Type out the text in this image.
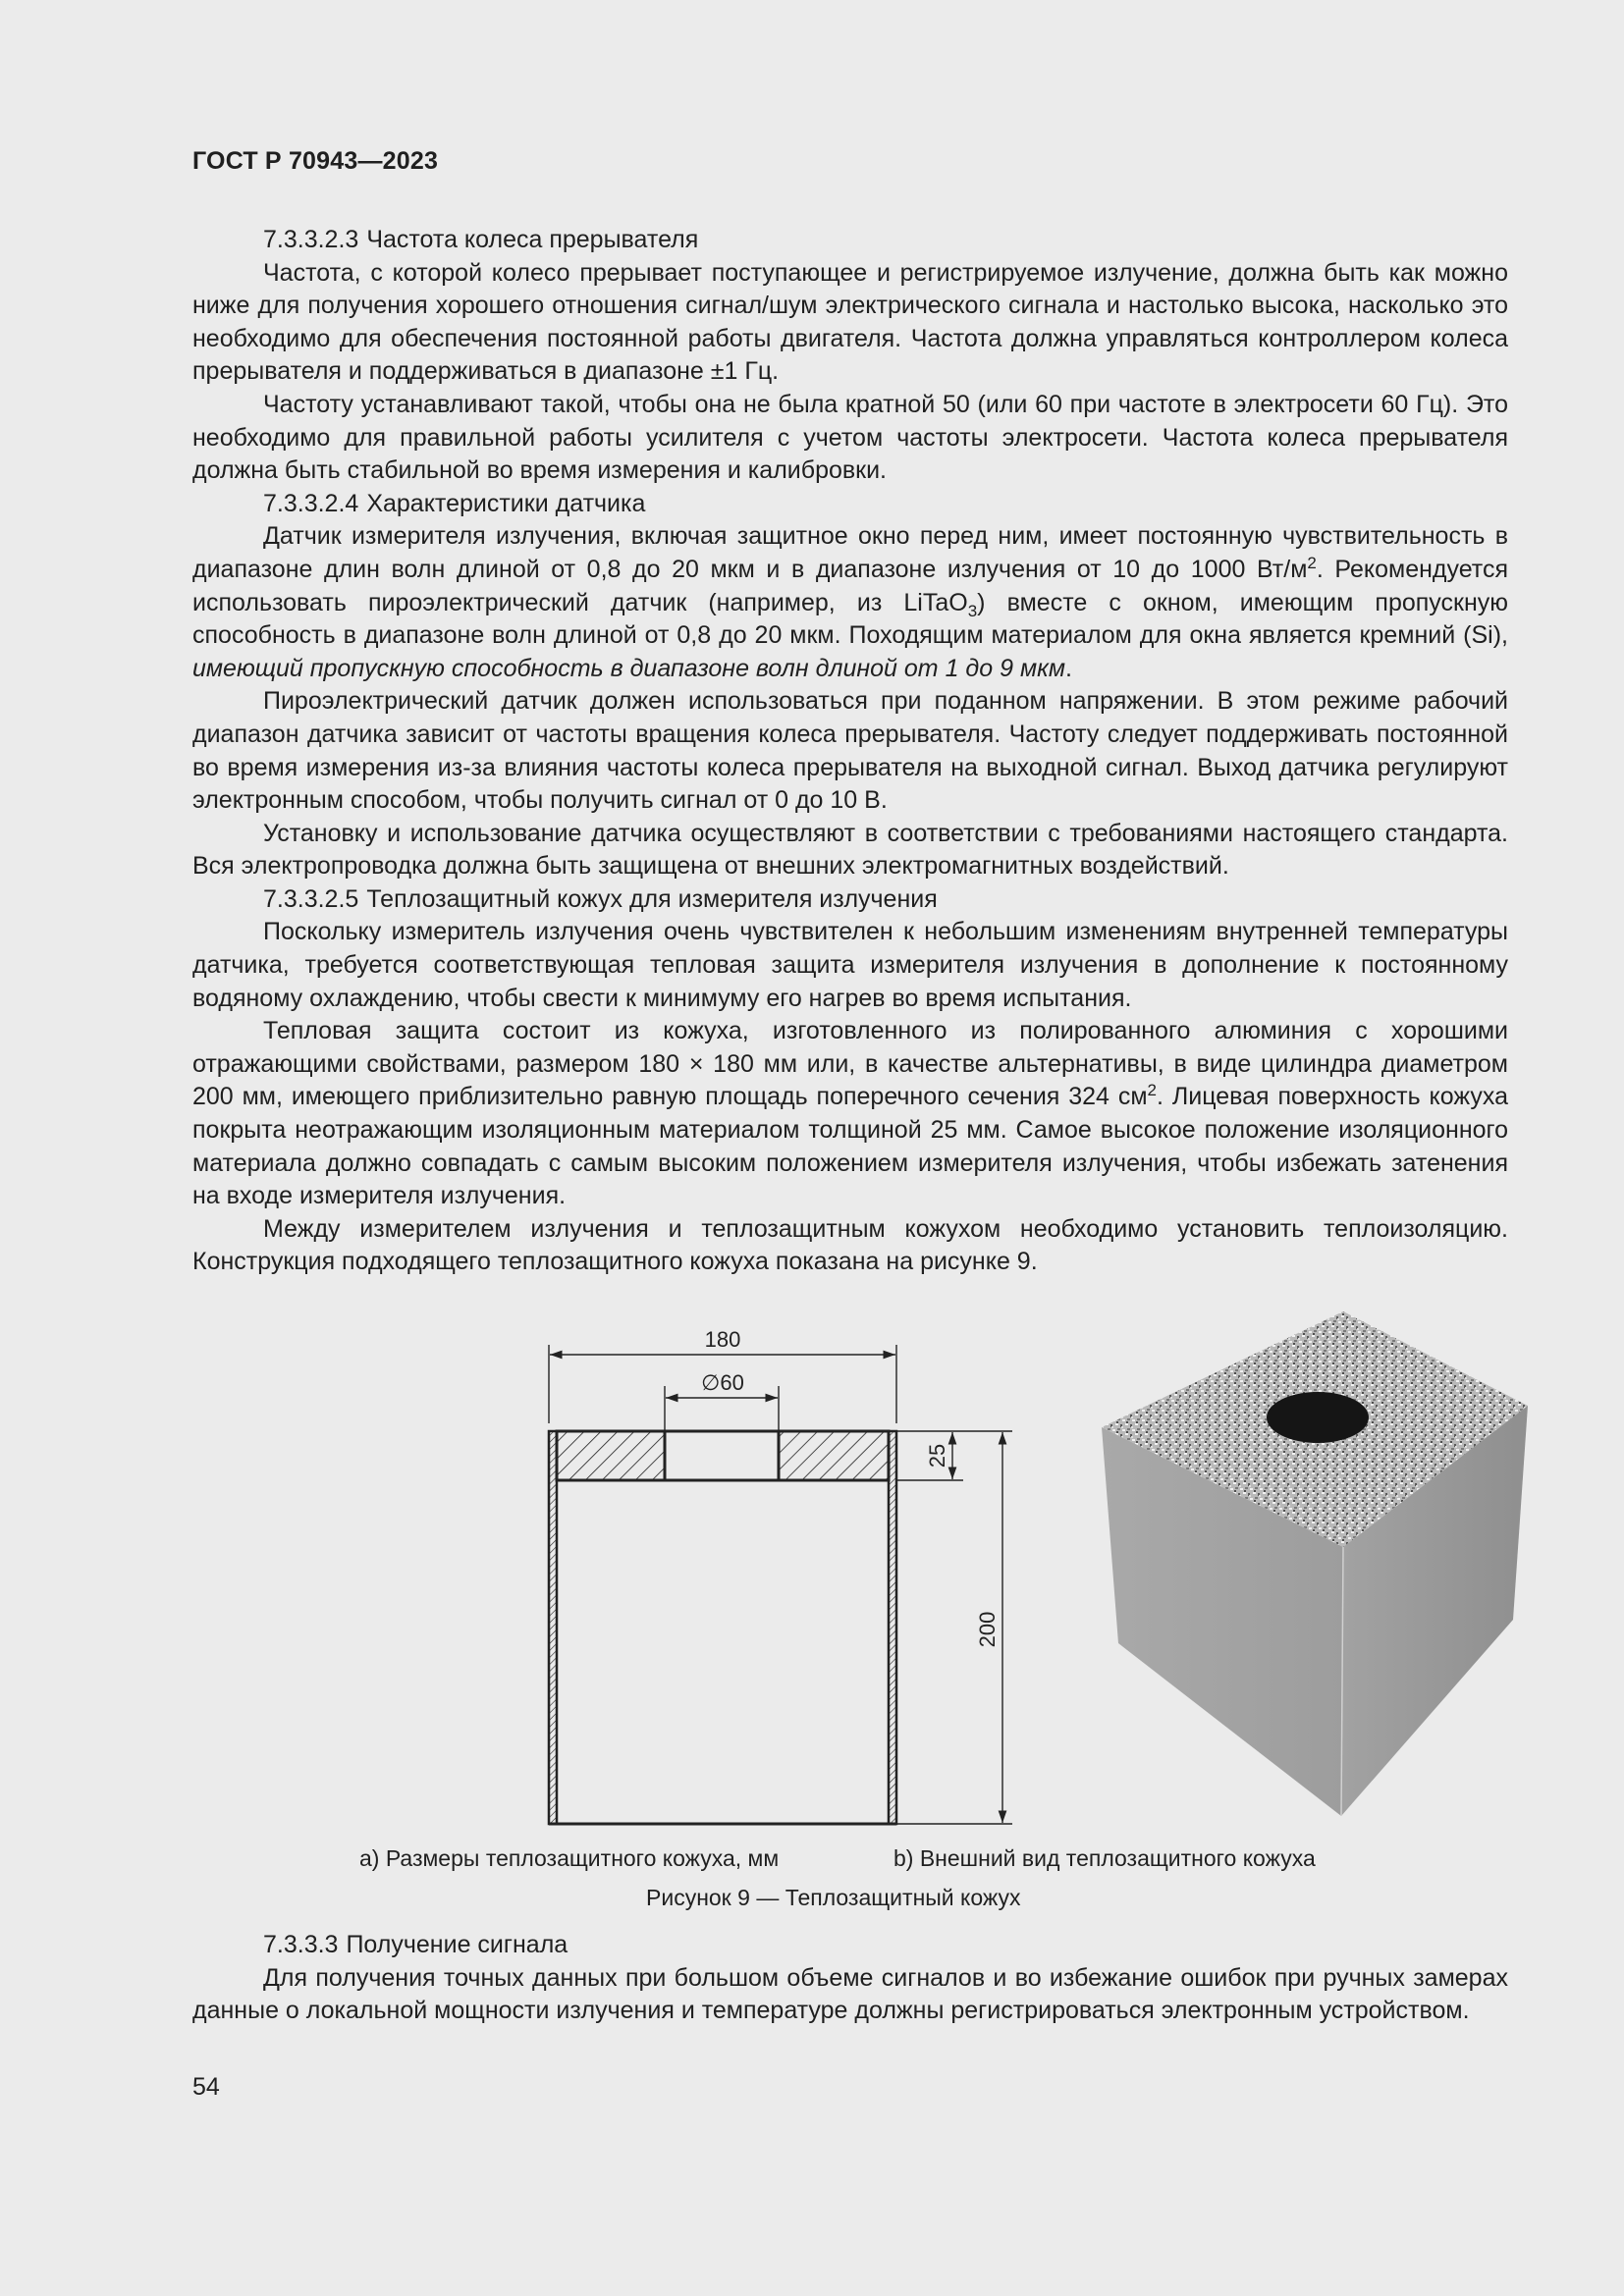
ГОСТ Р 70943—2023

7.3.3.2.3 Частота колеса прерывателя

Частота, с которой колесо прерывает поступающее и регистрируемое излучение, должна быть как можно ниже для получения хорошего отношения сигнал/шум электрического сигнала и настолько высока, насколько это необходимо для обеспечения постоянной работы двигателя. Частота должна управляться контроллером колеса прерывателя и поддерживаться в диапазоне ±1 Гц.

Частоту устанавливают такой, чтобы она не была кратной 50 (или 60 при частоте в электросети 60 Гц). Это необходимо для правильной работы усилителя с учетом частоты электросети. Частота колеса прерывателя должна быть стабильной во время измерения и калибровки.

7.3.3.2.4 Характеристики датчика

Датчик измерителя излучения, включая защитное окно перед ним, имеет постоянную чувствительность в диапазоне длин волн длиной от 0,8 до 20 мкм и в диапазоне излучения от 10 до 1000 $Вт/м^2$. Рекомендуется использовать пироэлектрический датчик (например, из LiTaO$_3$) вместе с окном, имеющим пропускную способность в диапазоне волн длиной от 0,8 до 20 мкм. Походящим материалом для окна является кремний (Si), имеющий пропускную способность в диапазоне волн длиной от 1 до 9 мкм.

Пироэлектрический датчик должен использоваться при поданном напряжении. В этом режиме рабочий диапазон датчика зависит от частоты вращения колеса прерывателя. Частоту следует поддерживать постоянной во время измерения из-за влияния частоты колеса прерывателя на выходной сигнал. Выход датчика регулируют электронным способом, чтобы получить сигнал от 0 до 10 В.

Установку и использование датчика осуществляют в соответствии с требованиями настоящего стандарта. Вся электропроводка должна быть защищена от внешних электромагнитных воздействий.

7.3.3.2.5 Теплозащитный кожух для измерителя излучения

Поскольку измеритель излучения очень чувствителен к небольшим изменениям внутренней температуры датчика, требуется соответствующая тепловая защита измерителя излучения в дополнение к постоянному водяному охлаждению, чтобы свести к минимуму его нагрев во время испытания.

Тепловая защита состоит из кожуха, изготовленного из полированного алюминия с хорошими отражающими свойствами, размером 180 × 180 мм или, в качестве альтернативы, в виде цилиндра диаметром 200 мм, имеющего приблизительно равную площадь поперечного сечения 324 $см^2$. Лицевая поверхность кожуха покрыта неотражающим изоляционным материалом толщиной 25 мм. Самое высокое положение изоляционного материала должно совпадать с самым высоким положением измерителя излучения, чтобы избежать затенения на входе измерителя излучения.

Между измерителем излучения и теплозащитным кожухом необходимо установить теплоизоляцию. Конструкция подходящего теплозащитного кожуха показана на рисунке 9.

180
∅60
25
200
а) Размеры теплозащитного кожуха, мм	b) Внешний вид теплозащитного кожуха
Рисунок 9 — Теплозащитный кожух

7.3.3.3 Получение сигнала

Для получения точных данных при большом объеме сигналов и во избежание ошибок при ручных замерах данные о локальной мощности излучения и температуре должны регистрироваться электронным устройством.

54
